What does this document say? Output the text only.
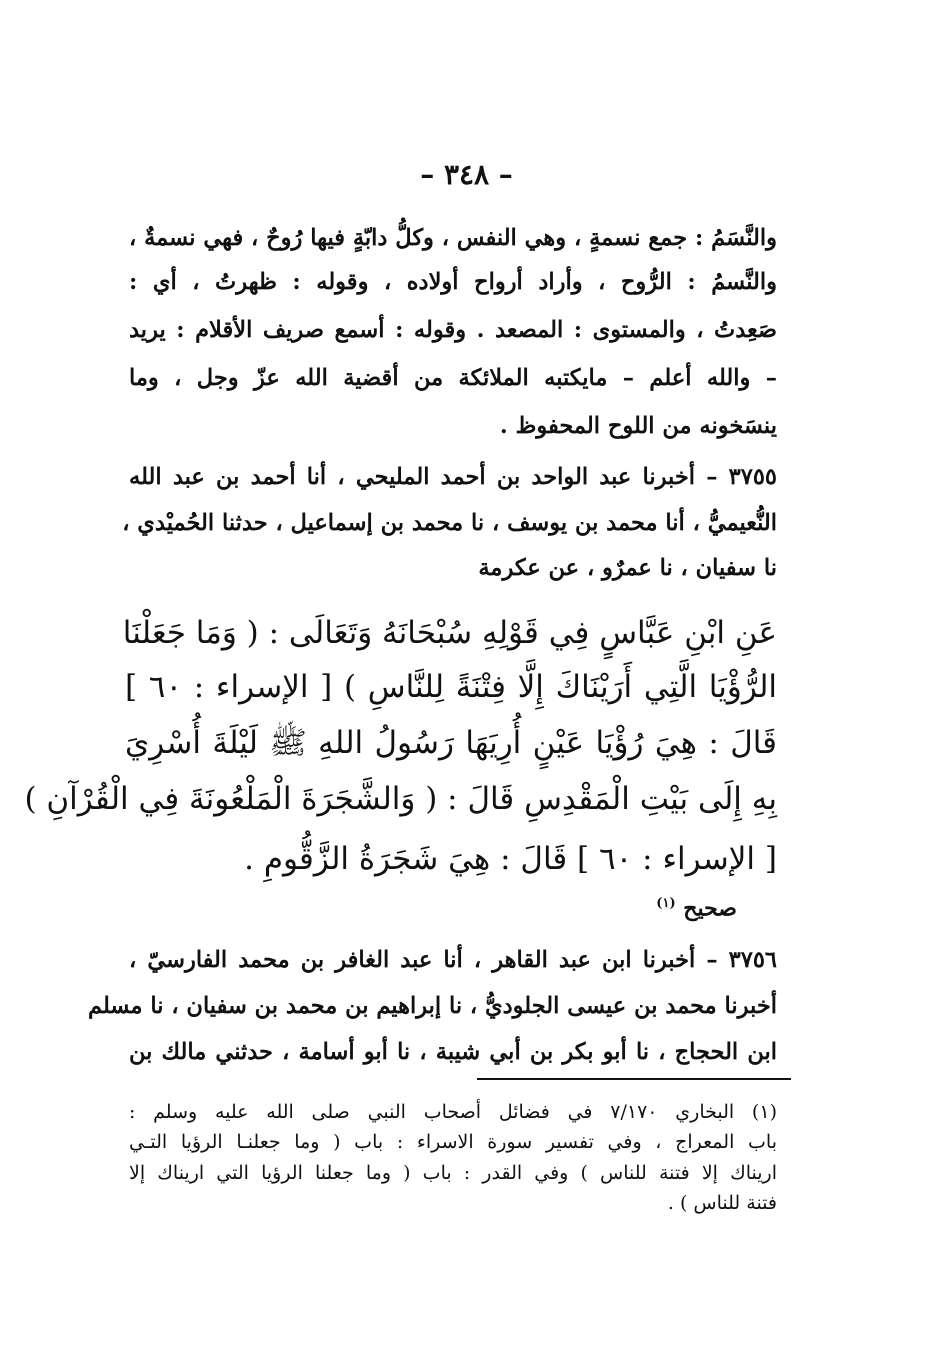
– ٣٤٨ –
والنَّسَمُ : جمع نسمةٍ ، وهي النفس ، وكلُّ دابّةٍ فيها رُوحٌ ، فهي نسمةٌ ،
والنَّسمُ : الرُّوح ، وأراد أرواح أولاده ، وقوله : ظهرتُ ، أي :
صَعِدتُ ، والمستوى : المصعد . وقوله : أسمع صريف الأقلام : يريد
– والله أعلم – مايكتبه الملائكة من أقضية الله عزّ وجل ، وما
ينسَخونه من اللوح المحفوظ .
٣٧٥٥ – أخبرنا عبد الواحد بن أحمد المليحي ، أنا أحمد بن عبد الله
النُّعيميُّ ، أنا محمد بن يوسف ، نا محمد بن إسماعيل ، حدثنا الحُميْدي ،
نا سفيان ، نا عمرٌو ، عن عكرمة
عَنِ ابْنِ عَبَّاسٍ فِي قَوْلِهِ سُبْحَانَهُ وَتَعَالَى : ( وَمَا جَعَلْنَا
الرُّؤْيَا الَّتِي أَرَيْنَاكَ إِلَّا فِتْنَةً لِلنَّاسِ ) [ الإسراء : ٦٠ ]
قَالَ : هِيَ رُؤْيَا عَيْنٍ أُرِيَهَا رَسُولُ اللهِ ﷺ لَيْلَةَ أُسْرِيَ
بِهِ إِلَى بَيْتِ الْمَقْدِسِ قَالَ : ( وَالشَّجَرَةَ الْمَلْعُونَةَ فِي الْقُرْآنِ )
[ الإسراء : ٦٠ ] قَالَ : هِيَ شَجَرَةُ الزَّقُّومِ .
صحيح $^{(١)}$
٣٧٥٦ – أخبرنا ابن عبد القاهر ، أنا عبد الغافر بن محمد الفارسيّ ،
أخبرنا محمد بن عيسى الجلوديُّ ، نا إبراهيم بن محمد بن سفيان ، نا مسلم
ابن الحجاج ، نا أبو بكر بن أبي شيبة ، نا أبو أسامة ، حدثني مالك بن
(١) البخاري ٧/١٧٠ في فضائل أصحاب النبي صلى الله عليه وسلم :
باب المعراج ، وفي تفسير سورة الاسراء : باب ( وما جعلنـا الرؤيا التـي
اريناك إلا فتنة للناس ) وفي القدر : باب ( وما جعلنا الرؤيا التي اريناك إلا
فتنة للناس ) .
